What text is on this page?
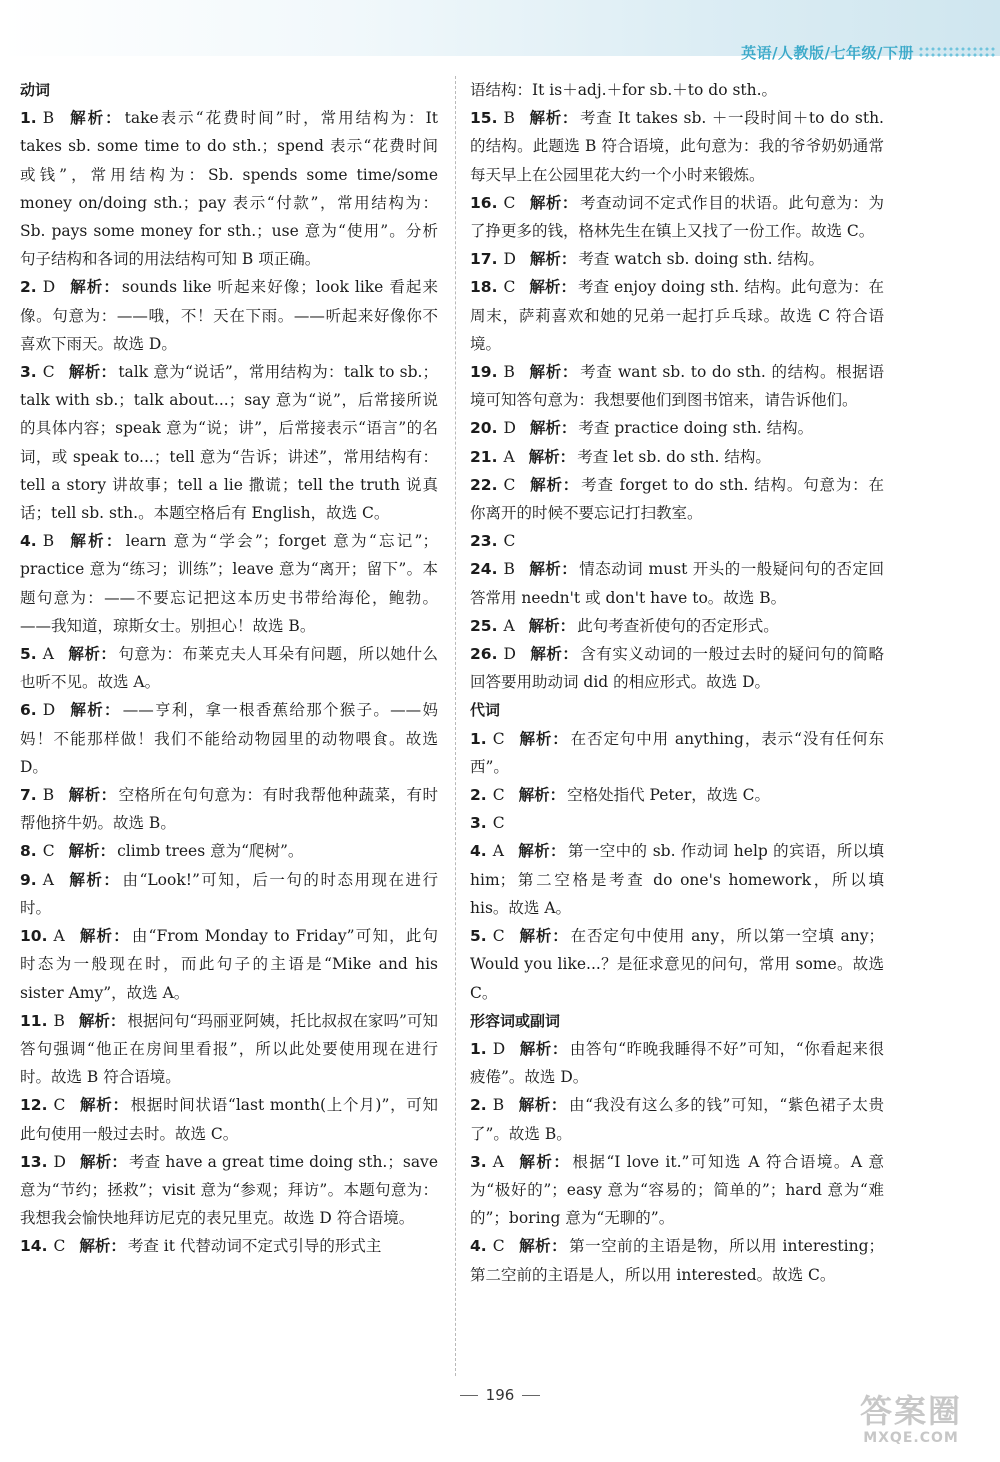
英语/人教版/七年级/下册
动词
1. B 解析： take表示“花费时间”时，常用结构为：It takes sb. some time to do sth.；spend 表示“花费时间或钱”，常用结构为：Sb. spends some time/some money on/doing sth.；pay 表示“付款”，常用结构为：Sb. pays some money for sth.；use 意为“使用”。分析句子结构和各词的用法结构可知 B 项正确。
2. D 解析： sounds like 听起来好像；look like 看起来像。句意为：——哦，不！天在下雨。——听起来好像你不喜欢下雨天。故选 D。
3. C 解析： talk 意为“说话”，常用结构为：talk to sb.；talk with sb.；talk about...；say 意为“说”，后常接所说的具体内容；speak 意为“说；讲”，后常接表示“语言”的名词，或 speak to...；tell 意为“告诉；讲述”，常用结构有：tell a story 讲故事；tell a lie 撒谎；tell the truth 说真话；tell sb. sth.。本题空格后有 English，故选 C。
4. B 解析： learn 意为“学会”；forget 意为“忘记”；practice 意为“练习；训练”；leave 意为“离开；留下”。本题句意为：——不要忘记把这本历史书带给海伦，鲍勃。——我知道，琼斯女士。别担心！故选 B。
5. A 解析： 句意为：布莱克夫人耳朵有问题，所以她什么也听不见。故选 A。
6. D 解析： ——亨利，拿一根香蕉给那个猴子。——妈妈！不能那样做！我们不能给动物园里的动物喂食。故选 D。
7. B 解析： 空格所在句句意为：有时我帮他种蔬菜，有时帮他挤牛奶。故选 B。
8. C 解析： climb trees 意为“爬树”。
9. A 解析： 由“Look!”可知，后一句的时态用现在进行时。
10. A 解析： 由“From Monday to Friday”可知，此句时态为一般现在时，而此句子的主语是“Mike and his sister Amy”，故选 A。
11. B 解析： 根据问句“玛丽亚阿姨，托比叔叔在家吗”可知答句强调“他正在房间里看报”，所以此处要使用现在进行时。故选 B 符合语境。
12. C 解析： 根据时间状语“last month(上个月)”，可知此句使用一般过去时。故选 C。
13. D 解析： 考查 have a great time doing sth.；save 意为“节约；拯救”；visit 意为“参观；拜访”。本题句意为：我想我会愉快地拜访尼克的表兄里克。故选 D 符合语境。
14. C 解析： 考查 it 代替动词不定式引导的形式主
语结构：It is＋adj.＋for sb.＋to do sth.。
15. B 解析： 考查 It takes sb. ＋一段时间＋to do sth. 的结构。此题选 B 符合语境，此句意为：我的爷爷奶奶通常每天早上在公园里花大约一个小时来锻炼。
16. C 解析： 考查动词不定式作目的状语。此句意为：为了挣更多的钱，格林先生在镇上又找了一份工作。故选 C。
17. D 解析： 考查 watch sb. doing sth. 结构。
18. C 解析： 考查 enjoy doing sth. 结构。此句意为：在周末，萨莉喜欢和她的兄弟一起打乒乓球。故选 C 符合语境。
19. B 解析： 考查 want sb. to do sth. 的结构。根据语境可知答句意为：我想要他们到图书馆来，请告诉他们。
20. D 解析： 考查 practice doing sth. 结构。
21. A 解析： 考查 let sb. do sth. 结构。
22. C 解析： 考查 forget to do sth. 结构。句意为：在你离开的时候不要忘记打扫教室。
23. C
24. B 解析： 情态动词 must 开头的一般疑问句的否定回答常用 needn't 或 don't have to。故选 B。
25. A 解析： 此句考查祈使句的否定形式。
26. D 解析： 含有实义动词的一般过去时的疑问句的简略回答要用助动词 did 的相应形式。故选 D。
代词
1. C 解析： 在否定句中用 anything，表示“没有任何东西”。
2. C 解析： 空格处指代 Peter，故选 C。
3. C
4. A 解析： 第一空中的 sb. 作动词 help 的宾语，所以填 him；第二空格是考查 do one's homework，所以填 his。故选 A。
5. C 解析： 在否定句中使用 any，所以第一空填 any；Would you like...？是征求意见的问句，常用 some。故选 C。
形容词或副词
1. D 解析： 由答句“昨晚我睡得不好”可知，“你看起来很疲倦”。故选 D。
2. B 解析： 由“我没有这么多的钱”可知，“紫色裙子太贵了”。故选 B。
3. A 解析： 根据“I love it.”可知选 A 符合语境。A 意为“极好的”；easy 意为“容易的；简单的”；hard 意为“难的”；boring 意为“无聊的”。
4. C 解析： 第一空前的主语是物，所以用 interesting；第二空前的主语是人，所以用 interested。故选 C。
196	答案圈
MXQE.COM
